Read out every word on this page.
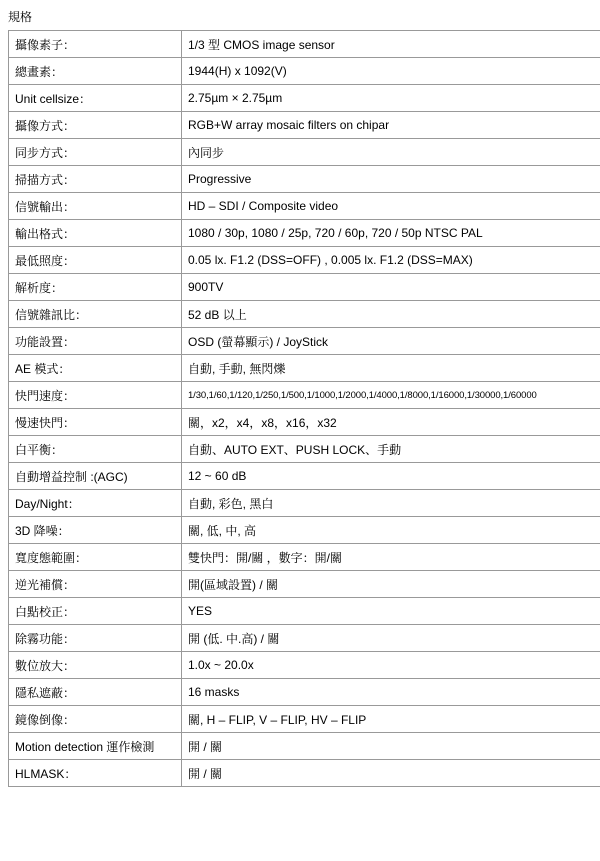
規格
攝像素子：	1/3 型 CMOS image sensor
總畫素：	1944(H) x 1092(V)
Unit cellsize：	2.75µm × 2.75µm
攝像方式：	RGB+W array mosaic filters on chipar
同步方式：	內同步
掃描方式：	Progressive
信號輸出：	HD – SDI / Composite video
輸出格式：	1080 / 30p, 1080 / 25p, 720 / 60p, 720 / 50p NTSC PAL
最低照度：	0.05 lx. F1.2 (DSS=OFF) , 0.005 lx. F1.2 (DSS=MAX)
解析度：	900TV
信號雜訊比：	52 dB 以上
功能設置：	OSD (螢幕顯示) / JoyStick
AE 模式：	自動, 手動, 無閃爍
快門速度：	1/30,1/60,1/120,1/250,1/500,1/1000,1/2000,1/4000,1/8000,1/16000,1/30000,1/60000
慢速快門：	關，x2，x4，x8，x16，x32
白平衡：	自動、AUTO EXT、PUSH LOCK、手動
自動增益控制 :(AGC)	12 ~ 60 dB
Day/Night：	自動, 彩色, 黑白
3D 降噪：	關, 低, 中, 高
寬度態範圍：	雙快門：開/關 ，數字：開/關
逆光補償：	開(區域設置) / 關
白點校正：	YES
除霧功能：	開 (低. 中.高) / 關
數位放大：	1.0x ~ 20.0x
隱私遮蔽：	16 masks
鏡像倒像：	關, H – FLIP, V – FLIP, HV – FLIP
Motion detection 運作檢測	開 / 關
HLMASK：	開 / 關
